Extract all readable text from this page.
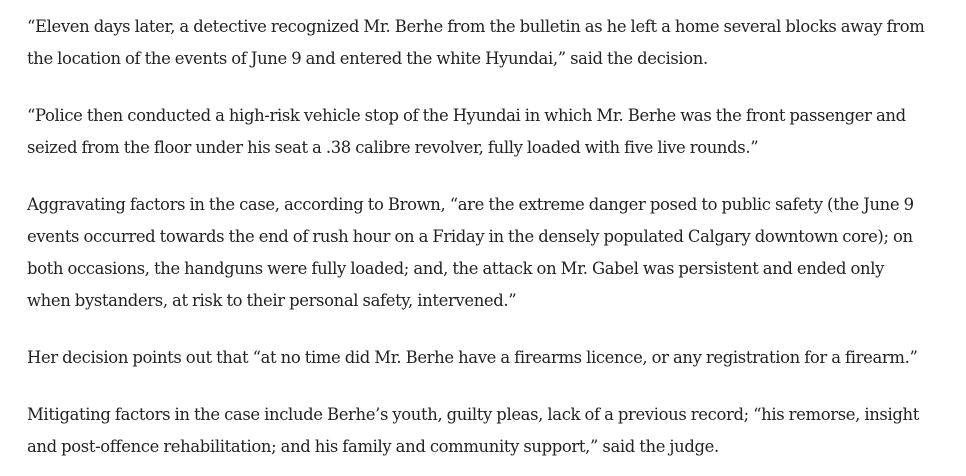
“Eleven days later, a detective recognized Mr. Berhe from the bulletin as he left a home several blocks away from the location of the events of June 9 and entered the white Hyundai,” said the decision.

“Police then conducted a high-risk vehicle stop of the Hyundai in which Mr. Berhe was the front passenger and seized from the floor under his seat a .38 calibre revolver, fully loaded with five live rounds.”

Aggravating factors in the case, according to Brown, “are the extreme danger posed to public safety (the June 9 events occurred towards the end of rush hour on a Friday in the densely populated Calgary downtown core); on both occasions, the handguns were fully loaded; and, the attack on Mr. Gabel was persistent and ended only when bystanders, at risk to their personal safety, intervened.”

Her decision points out that “at no time did Mr. Berhe have a firearms licence, or any registration for a firearm.”

Mitigating factors in the case include Berhe’s youth, guilty pleas, lack of a previous record; “his remorse, insight and post-offence rehabilitation; and his family and community support,” said the judge.
